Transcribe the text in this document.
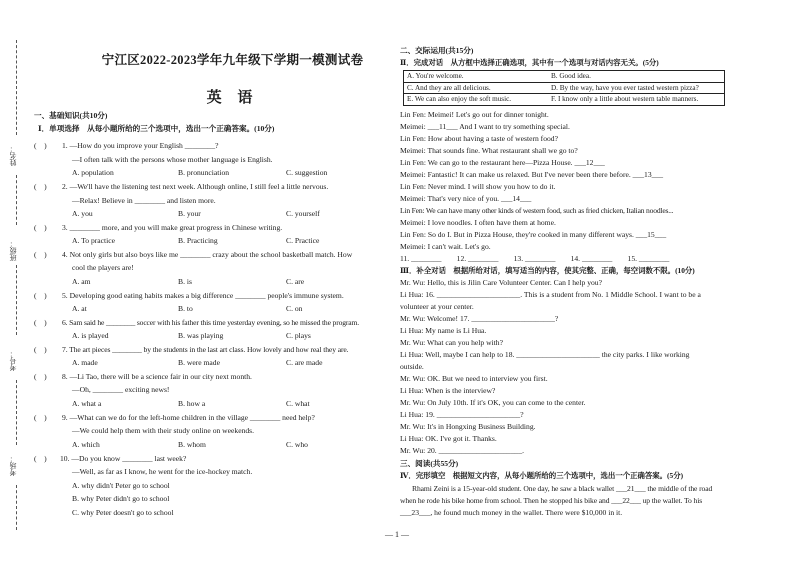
姓名：
班级：
考号：
考场：
宁江区2022-2023学年九年级下学期一模测试卷
英 语
一、基础知识(共10分)
Ⅰ．单项选择　从每小题所给的三个选项中，选出一个正确答案。(10分)
(　) 1. —How do you improve your English ________?
—I often talk with the persons whose mother language is English.
A. population	B. pronunciation	C. suggestion
(　) 2. —We'll have the listening test next week. Although online, I still feel a little nervous.
—Relax! Believe in ________ and listen more.
A. you	B. your	C. yourself
(　) 3. ________ more, and you will make great progress in Chinese writing.
A. To practice	B. Practicing	C. Practice
(　) 4. Not only girls but also boys like me ________ crazy about the school basketball match. How
cool the players are!
A. am	B. is	C. are
(　) 5. Developing good eating habits makes a big difference ________ people's immune system.
A. at	B. to	C. on
(　) 6. Sam said he ________ soccer with his father this time yesterday evening, so he missed the program.
A. is played	B. was playing	C. plays
(　) 7. The art pieces ________ by the students in the last art class. How lovely and how real they are.
A. made	B. were made	C. are made
(　) 8. —Li Tao, there will be a science fair in our city next month.
—Oh, ________ exciting news!
A. what a	B. how a	C. what
(　) 9. —What can we do for the left-home children in the village ________ need help?
—We could help them with their study online on weekends.
A. which	B. whom	C. who
(　) 10. —Do you know ________ last week?
—Well, as far as I know, he went for the ice-hockey match.
A. why didn't Peter go to school
B. why Peter didn't go to school
C. why Peter doesn't go to school
二、交际运用(共15分)
Ⅱ．完成对话　从方框中选择正确选项，其中有一个选项与对话内容无关。(5分)
A. You're welcome.	B. Good idea.
C. And they are all delicious.	D. By the way, have you ever tasted western pizza?
E. We can also enjoy the soft music.	F. I know only a little about western table manners.
Lin Fen: Meimei! Let's go out for dinner tonight.
Meimei: ___11___ And I want to try something special.
Lin Fen: How about having a taste of western food?
Meimei: That sounds fine. What restaurant shall we go to?
Lin Fen: We can go to the restaurant here—Pizza House. ___12___
Meimei: Fantastic! It can make us relaxed. But I've never been there before. ___13___
Lin Fen: Never mind. I will show you how to do it.
Meimei: That's very nice of you. ___14___
Lin Fen: We can have many other kinds of western food, such as fried chicken, Italian noodles...
Meimei: I love noodles. I often have them at home.
Lin Fen: So do I. But in Pizza House, they're cooked in many different ways. ___15___
Meimei: I can't wait. Let's go.
11. ________　　12. ________　　13. ________　　14. ________　　15. ________
Ⅲ．补全对话　根据所给对话，填写适当的内容，使其完整、正确，每空词数不限。(10分)
Mr. Wu: Hello, this is Jilin Care Volunteer Center. Can I help you?
Li Hua: 16. ______________________. This is a student from No. 1 Middle School. I want to be a
volunteer at your center.
Mr. Wu: Welcome! 17. ______________________?
Li Hua: My name is Li Hua.
Mr. Wu: What can you help with?
Li Hua: Well, maybe I can help to 18. ______________________ the city parks. I like working
outside.
Mr. Wu: OK. But we need to interview you first.
Li Hua: When is the interview?
Mr. Wu: On July 10th. If it's OK, you can come to the center.
Li Hua: 19. ______________________?
Mr. Wu: It's in Hongxing Business Building.
Li Hua: OK. I've got it. Thanks.
Mr. Wu: 20. ______________________.
三、阅读(共55分)
Ⅳ．完形填空　根据短文内容，从每小题所给的三个选项中，选出一个正确答案。(5分)
Rhami Zeini is a 15-year-old student. One day, he saw a black wallet ___21___ the middle of the road
when he rode his bike home from school. Then he stopped his bike and ___22___ up the wallet. To his
___23___, he found much money in the wallet. There were $10,000 in it.
— 1 —
